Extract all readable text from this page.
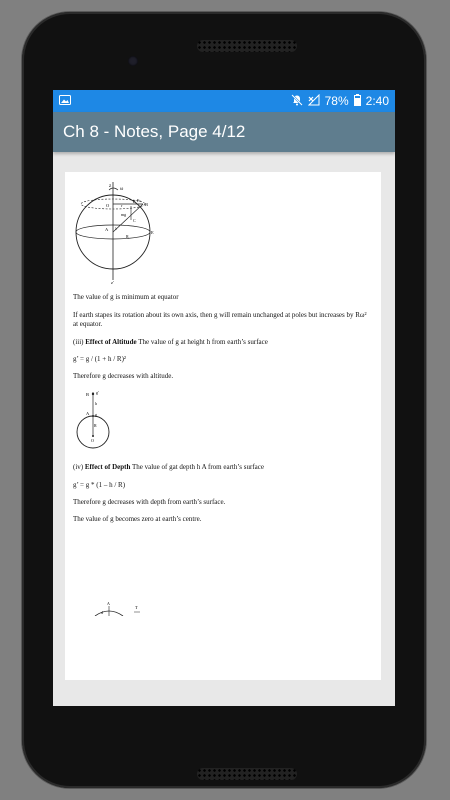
78% 2:40
Ch 8 - Notes, Page 4/12
z
ω
P Fc
B
O	r
C
mg
λ
A
R
E
z'
The value of g is minimum at equator
If earth stapes its rotation about its own axis, then g will remain unchanged at poles but increases by Rω² at equator.
(iii) Effect of Altitude The value of g at height h from earth’s surface
g’ = g / (1 + h / R)²
Therefore g decreases with altitude.
B g’
h
A g
R
O
(iv) Effect of Depth The value of gat depth h A from earth’s surface
g’ = g * (1 – h / R)
Therefore g decreases with depth from earth’s surface.
The value of g becomes zero at earth’s centre.
A
d
T
